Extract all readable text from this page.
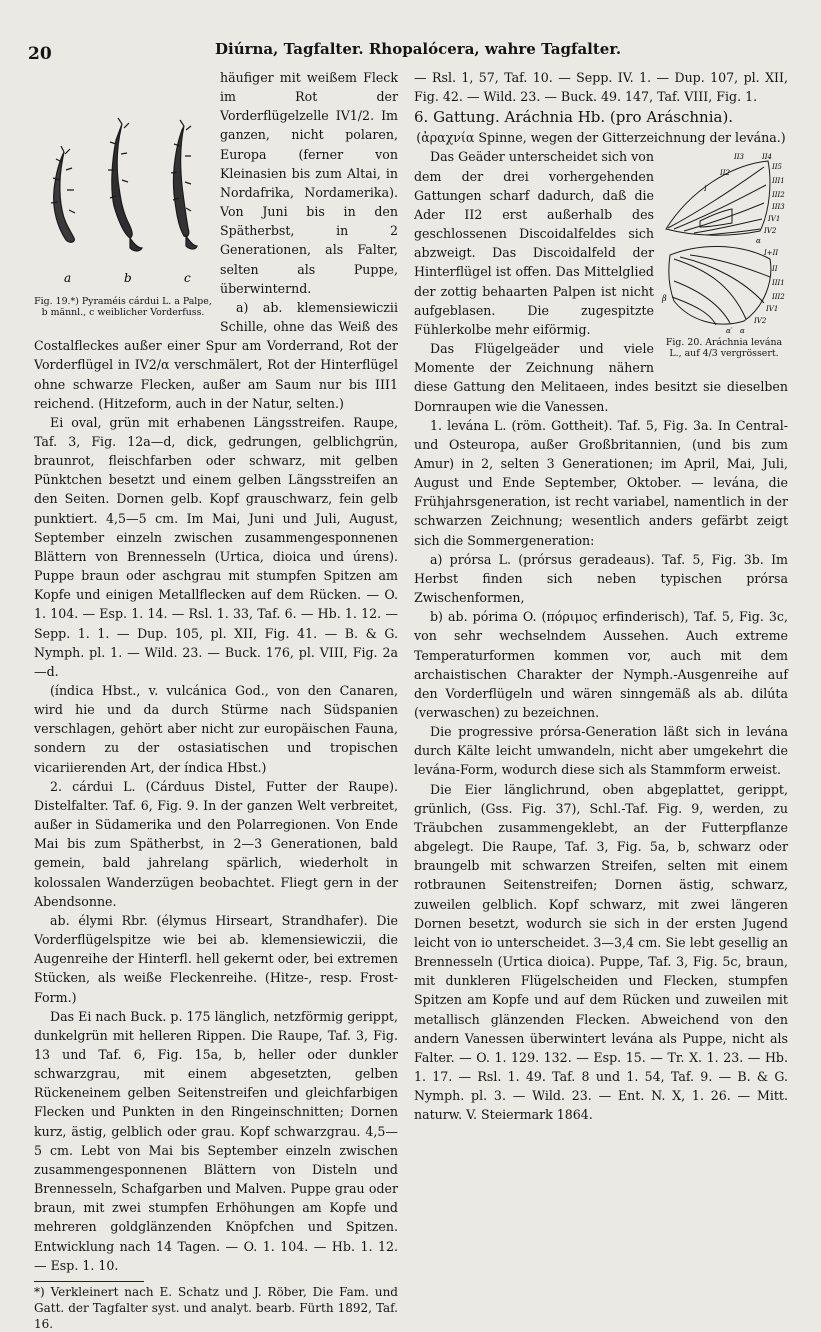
20	Diúrna, Tagfalter. Rhopalócera, wahre Tagfalter.
a	b	c
Fig. 19.*) Pyraméis cárdui L. a Palpe, b männl., c weiblicher Vorderfuss.

häufiger mit weißem Fleck im Rot der Vorderflügelzelle IV1/2. Im ganzen, nicht polaren, Europa (ferner von Kleinasien bis zum Altai, in Nordafrika, Nordamerika). Von Juni bis in den Spätherbst, in 2 Generationen, als Falter, selten als Puppe, überwinternd.

a) ab. klemensiewiczii Schille, ohne das Weiß des Costalfleckes außer einer Spur am Vorderrand, Rot der Vorderflügel in IV2/α verschmälert, Rot der Hinterflügel ohne schwarze Flecken, außer am Saum nur bis III1 reichend. (Hitzeform, auch in der Natur, selten.)

Ei oval, grün mit erhabenen Längsstreifen. Raupe, Taf. 3, Fig. 12a—d, dick, gedrungen, gelblichgrün, braunrot, fleischfarben oder schwarz, mit gelben Pünktchen besetzt und einem gelben Längsstreifen an den Seiten. Dornen gelb. Kopf grauschwarz, fein gelb punktiert. 4,5—5 cm. Im Mai, Juni und Juli, August, September einzeln zwischen zusammengesponnenen Blättern von Brennesseln (Urtica, dioica und úrens). Puppe braun oder aschgrau mit stumpfen Spitzen am Kopfe und einigen Metallflecken auf dem Rücken. — O. 1. 104. — Esp. 1. 14. — Rsl. 1. 33, Taf. 6. — Hb. 1. 12. — Sepp. 1. 1. — Dup. 105, pl. XII, Fig. 41. — B. & G. Nymph. pl. 1. — Wild. 23. — Buck. 176, pl. VIII, Fig. 2a—d.

(índica Hbst., v. vulcánica God., von den Canaren, wird hie und da durch Stürme nach Südspanien verschlagen, gehört aber nicht zur europäischen Fauna, sondern zu der ostasiatischen und tropischen vicariierenden Art, der índica Hbst.)

2. cárdui L. (Cárduus Distel, Futter der Raupe). Distelfalter. Taf. 6, Fig. 9. In der ganzen Welt verbreitet, außer in Südamerika und den Polarregionen. Von Ende Mai bis zum Spätherbst, in 2—3 Generationen, bald gemein, bald jahrelang spärlich, wiederholt in kolossalen Wanderzügen beobachtet. Fliegt gern in der Abendsonne.

ab. élymi Rbr. (élymus Hirseart, Strandhafer). Die Vorderflügelspitze wie bei ab. klemensiewiczii, die Augenreihe der Hinterfl. hell gekernt oder, bei extremen Stücken, als weiße Fleckenreihe. (Hitze-, resp. Frost-Form.)

Das Ei nach Buck. p. 175 länglich, netzförmig gerippt, dunkelgrün mit helleren Rippen. Die Raupe, Taf. 3, Fig. 13 und Taf. 6, Fig. 15a, b, heller oder dunkler schwarzgrau, mit einem abgesetzten, gelben Rückeneinem gelben Seitenstreifen und gleichfarbigen Flecken und Punkten in den Ringeinschnitten; Dornen kurz, ästig, gelblich oder grau. Kopf schwarzgrau. 4,5—5 cm. Lebt von Mai bis September einzeln zwischen zusammengesponnenen Blättern von Disteln und Brennesseln, Schafgarben und Malven. Puppe grau oder braun, mit zwei stumpfen Erhöhungen am Kopfe und mehreren goldglänzenden Knöpfchen und Spitzen. Entwicklung nach 14 Tagen. — O. 1. 104. — Hb. 1. 12. — Esp. 1. 10.

*) Verkleinert nach E. Schatz und J. Röber, Die Fam. und Gatt. der Tagfalter syst. und analyt. bearb. Fürth 1892, Taf. 16.

— Rsl. 1, 57, Taf. 10. — Sepp. IV. 1. — Dup. 107, pl. XII, Fig. 42. — Wild. 23. — Buck. 49. 147, Taf. VIII, Fig. 1.

6. Gattung. Aráchnia Hb. (pro Aráschnia).

(ἀραχνία Spinne, wegen der Gitterzeichnung der levána.)

II3	II4
II5
II2
III1
III2
III3
IV1
IV2
I
α
I+II
II
III1
III2
IV1
IV2
β
α′ α
Fig. 20. Aráchnia levána L., auf 4/3 vergrössert.

Das Geäder unterscheidet sich von dem der drei vorhergehenden Gattungen scharf dadurch, daß die Ader II2 erst außerhalb des geschlossenen Discoidalfeldes sich abzweigt. Das Discoidalfeld der Hinterflügel ist offen. Das Mittelglied der zottig behaarten Palpen ist nicht aufgeblasen. Die zugespitzte Fühlerkolbe mehr eiförmig.

Das Flügelgeäder und viele Momente der Zeichnung nähern diese Gattung den Melitaeen, indes besitzt sie dieselben Dornraupen wie die Vanessen.

1. levána L. (röm. Gottheit). Taf. 5, Fig. 3a. In Central- und Osteuropa, außer Großbritannien, (und bis zum Amur) in 2, selten 3 Generationen; im April, Mai, Juli, August und Ende September, Oktober. — levána, die Frühjahrsgeneration, ist recht variabel, namentlich in der schwarzen Zeichnung; wesentlich anders gefärbt zeigt sich die Sommergeneration:

a) prórsa L. (prórsus geradeaus). Taf. 5, Fig. 3b. Im Herbst finden sich neben typischen prórsa Zwischenformen,

b) ab. pórima O. (πόριμος erfinderisch), Taf. 5, Fig. 3c, von sehr wechselndem Aussehen. Auch extreme Temperaturformen kommen vor, auch mit dem archaistischen Charakter der Nymph.-Ausgenreihe auf den Vorderflügeln und wären sinngemäß als ab. dilúta (verwaschen) zu bezeichnen.

Die progressive prórsa-Generation läßt sich in levána durch Kälte leicht umwandeln, nicht aber umgekehrt die levána-Form, wodurch diese sich als Stammform erweist.

Die Eier länglichrund, oben abgeplattet, gerippt, grünlich, (Gss. Fig. 37), Schl.-Taf. Fig. 9, werden, zu Träubchen zusammengeklebt, an der Futterpflanze abgelegt. Die Raupe, Taf. 3, Fig. 5a, b, schwarz oder braungelb mit schwarzen Streifen, selten mit einem rotbraunen Seitenstreifen; Dornen ästig, schwarz, zuweilen gelblich. Kopf schwarz, mit zwei längeren Dornen besetzt, wodurch sie sich in der ersten Jugend leicht von io unterscheidet. 3—3,4 cm. Sie lebt gesellig an Brennesseln (Urtica dioica). Puppe, Taf. 3, Fig. 5c, braun, mit dunkleren Flügelscheiden und Flecken, stumpfen Spitzen am Kopfe und auf dem Rücken und zuweilen mit metallisch glänzenden Flecken. Abweichend von den andern Vanessen überwintert levána als Puppe, nicht als Falter. — O. 1. 129. 132. — Esp. 15. — Tr. X. 1. 23. — Hb. 1. 17. — Rsl. 1. 49. Taf. 8 und 1. 54, Taf. 9. — B. & G. Nymph. pl. 3. — Wild. 23. — Ent. N. X, 1. 26. — Mitt. naturw. V. Steiermark 1864.
